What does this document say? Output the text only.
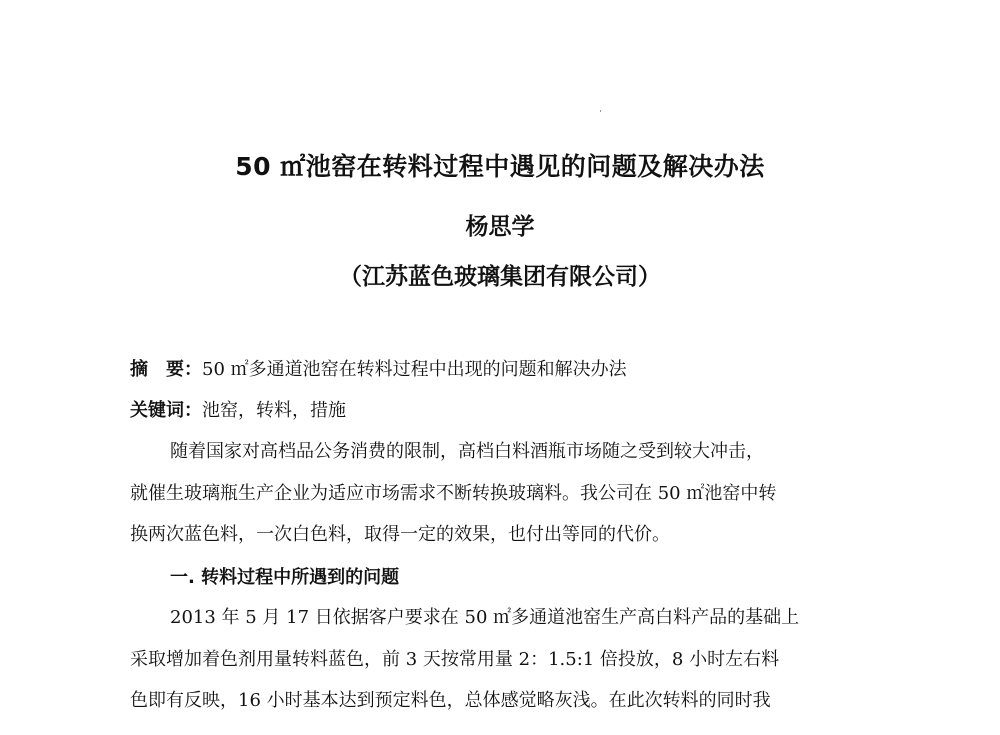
50 ㎡池窑在转料过程中遇见的问题及解决办法
杨思学
（江苏蓝色玻璃集团有限公司）
摘　要：50 ㎡多通道池窑在转料过程中出现的问题和解决办法
关键词：池窑，转料，措施
随着国家对高档品公务消费的限制，高档白料酒瓶市场随之受到较大冲击，
就催生玻璃瓶生产企业为适应市场需求不断转换玻璃料。我公司在 50 ㎡池窑中转
换两次蓝色料，一次白色料，取得一定的效果，也付出等同的代价。
一. 转料过程中所遇到的问题
2013 年 5 月 17 日依据客户要求在 50 ㎡多通道池窑生产高白料产品的基础上
采取增加着色剂用量转料蓝色，前 3 天按常用量 2：1.5:1 倍投放，8 小时左右料
色即有反映，16 小时基本达到预定料色，总体感觉略灰浅。在此次转料的同时我
